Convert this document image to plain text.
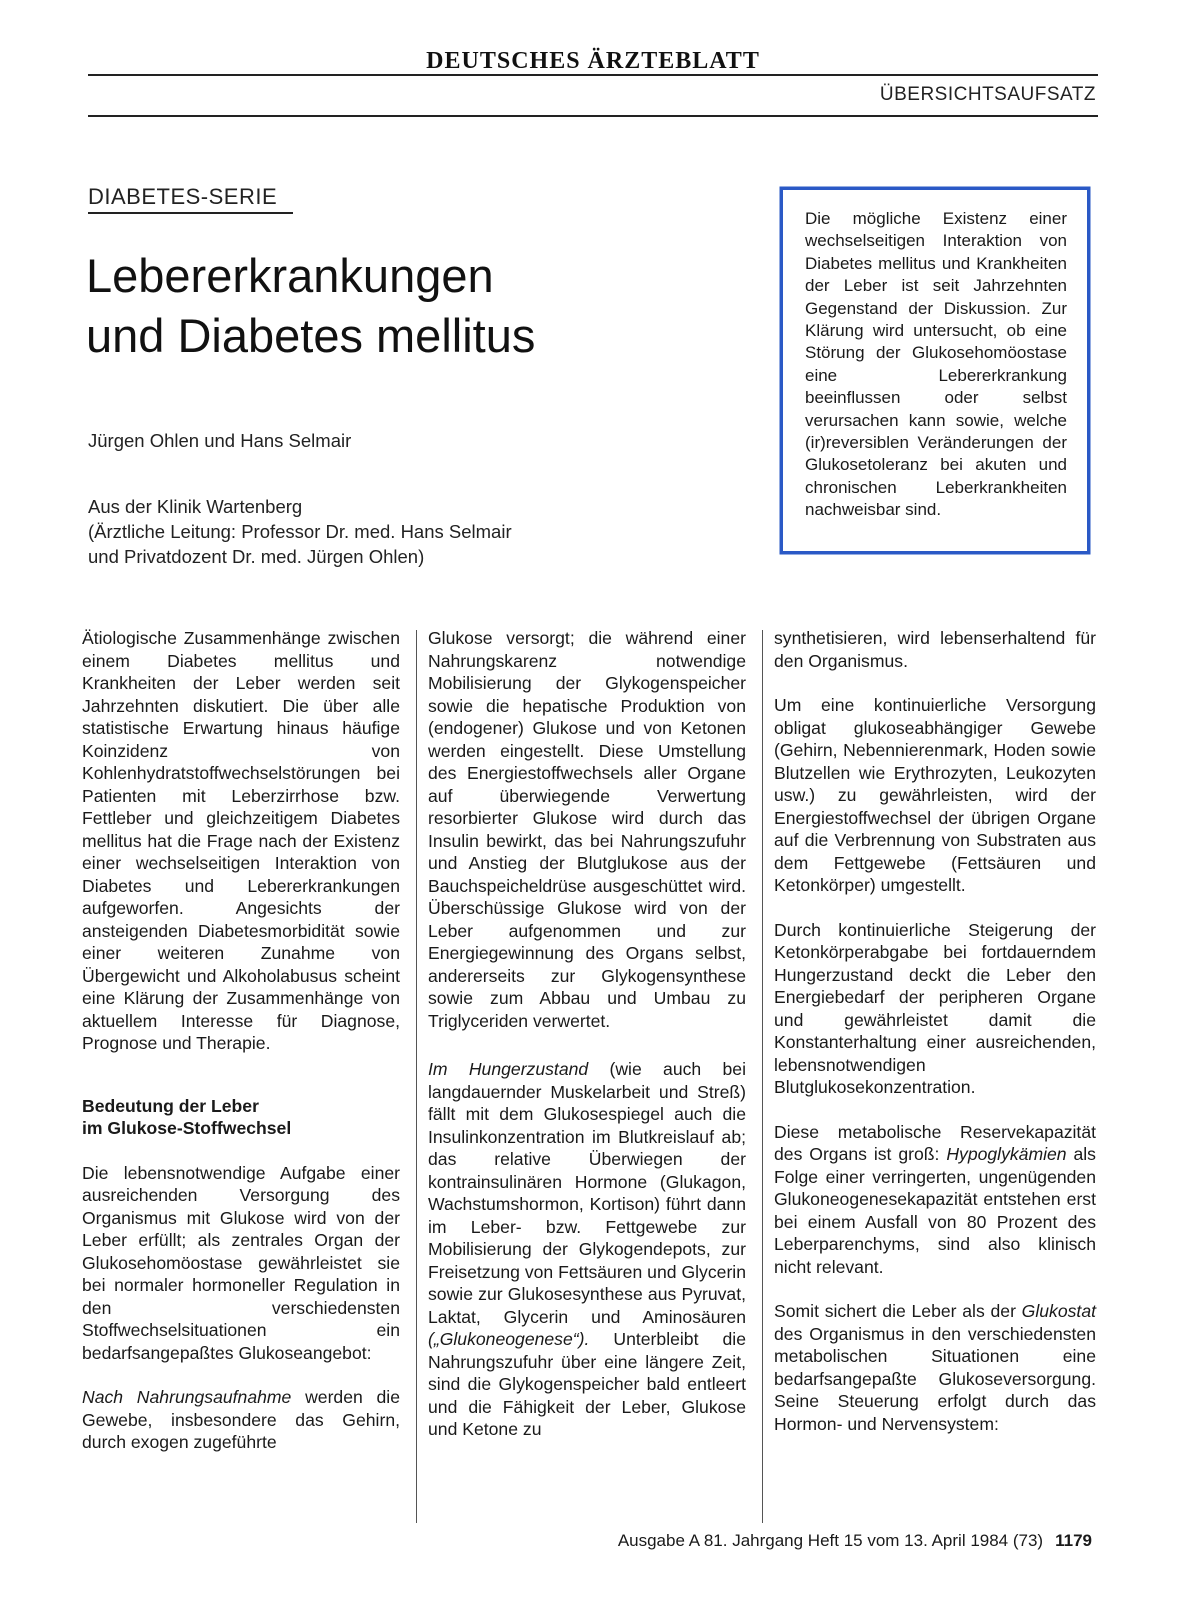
DEUTSCHES ÄRZTEBLATT
ÜBERSICHTSAUFSATZ
DIABETES-SERIE
Lebererkrankungen
und Diabetes mellitus
Jürgen Ohlen und Hans Selmair
Aus der Klinik Wartenberg
(Ärztliche Leitung: Professor Dr. med. Hans Selmair
und Privatdozent Dr. med. Jürgen Ohlen)
Die mögliche Existenz einer wechselseitigen Interaktion von Diabetes mellitus und Krankheiten der Leber ist seit Jahrzehnten Gegenstand der Diskussion. Zur Klärung wird untersucht, ob eine Störung der Glukosehomöostase eine Lebererkrankung beeinflussen oder selbst verursachen kann sowie, welche (ir)reversiblen Veränderungen der Glukosetoleranz bei akuten und chronischen Leberkrankheiten nachweisbar sind.

Ätiologische Zusammenhänge zwischen einem Diabetes mellitus und Krankheiten der Leber werden seit Jahrzehnten diskutiert. Die über alle statistische Erwartung hinaus häufige Koinzidenz von Kohlenhydratstoffwechselstörungen bei Patienten mit Leberzirrhose bzw. Fettleber und gleichzeitigem Diabetes mellitus hat die Frage nach der Existenz einer wechselseitigen Interaktion von Diabetes und Lebererkrankungen aufgeworfen. Angesichts der ansteigenden Diabetesmorbidität sowie einer weiteren Zunahme von Übergewicht und Alkoholabusus scheint eine Klärung der Zusammenhänge von aktuellem Interesse für Diagnose, Prognose und Therapie.

Bedeutung der Leber
im Glukose-Stoffwechsel

Die lebensnotwendige Aufgabe einer ausreichenden Versorgung des Organismus mit Glukose wird von der Leber erfüllt; als zentrales Organ der Glukosehomöostase gewährleistet sie bei normaler hormoneller Regulation in den verschiedensten Stoffwechselsituationen ein bedarfsangepaßtes Glukoseangebot:

Nach Nahrungsaufnahme werden die Gewebe, insbesondere das Gehirn, durch exogen zugeführte

Glukose versorgt; die während einer Nahrungskarenz notwendige Mobilisierung der Glykogenspeicher sowie die hepatische Produktion von (endogener) Glukose und von Ketonen werden eingestellt. Diese Umstellung des Energiestoffwechsels aller Organe auf überwiegende Verwertung resorbierter Glukose wird durch das Insulin bewirkt, das bei Nahrungszufuhr und Anstieg der Blutglukose aus der Bauchspeicheldrüse ausgeschüttet wird. Überschüssige Glukose wird von der Leber aufgenommen und zur Energiegewinnung des Organs selbst, andererseits zur Glykogensynthese sowie zum Abbau und Umbau zu Triglyceriden verwertet.

Im Hungerzustand (wie auch bei langdauernder Muskelarbeit und Streß) fällt mit dem Glukosespiegel auch die Insulinkonzentration im Blutkreislauf ab; das relative Überwiegen der kontrainsulinären Hormone (Glukagon, Wachstumshormon, Kortison) führt dann im Leber- bzw. Fettgewebe zur Mobilisierung der Glykogendepots, zur Freisetzung von Fettsäuren und Glycerin sowie zur Glukosesynthese aus Pyruvat, Laktat, Glycerin und Aminosäuren („Glukoneogenese“). Unterbleibt die Nahrungszufuhr über eine längere Zeit, sind die Glykogenspeicher bald entleert und die Fähigkeit der Leber, Glukose und Ketone zu

synthetisieren, wird lebenserhaltend für den Organismus.

Um eine kontinuierliche Versorgung obligat glukoseabhängiger Gewebe (Gehirn, Nebennierenmark, Hoden sowie Blutzellen wie Erythrozyten, Leukozyten usw.) zu gewährleisten, wird der Energiestoffwechsel der übrigen Organe auf die Verbrennung von Substraten aus dem Fettgewebe (Fettsäuren und Ketonkörper) umgestellt.

Durch kontinuierliche Steigerung der Ketonkörperabgabe bei fortdauerndem Hungerzustand deckt die Leber den Energiebedarf der peripheren Organe und gewährleistet damit die Konstanterhaltung einer ausreichenden, lebensnotwendigen Blutglukosekonzentration.

Diese metabolische Reservekapazität des Organs ist groß: Hypoglykämien als Folge einer verringerten, ungenügenden Glukoneogenesekapazität entstehen erst bei einem Ausfall von 80 Prozent des Leberparenchyms, sind also klinisch nicht relevant.

Somit sichert die Leber als der Glukostat des Organismus in den verschiedensten metabolischen Situationen eine bedarfsangepaßte Glukoseversorgung. Seine Steuerung erfolgt durch das Hormon- und Nervensystem:

Ausgabe A 81. Jahrgang Heft 15 vom 13. April 1984 (73) 1179
